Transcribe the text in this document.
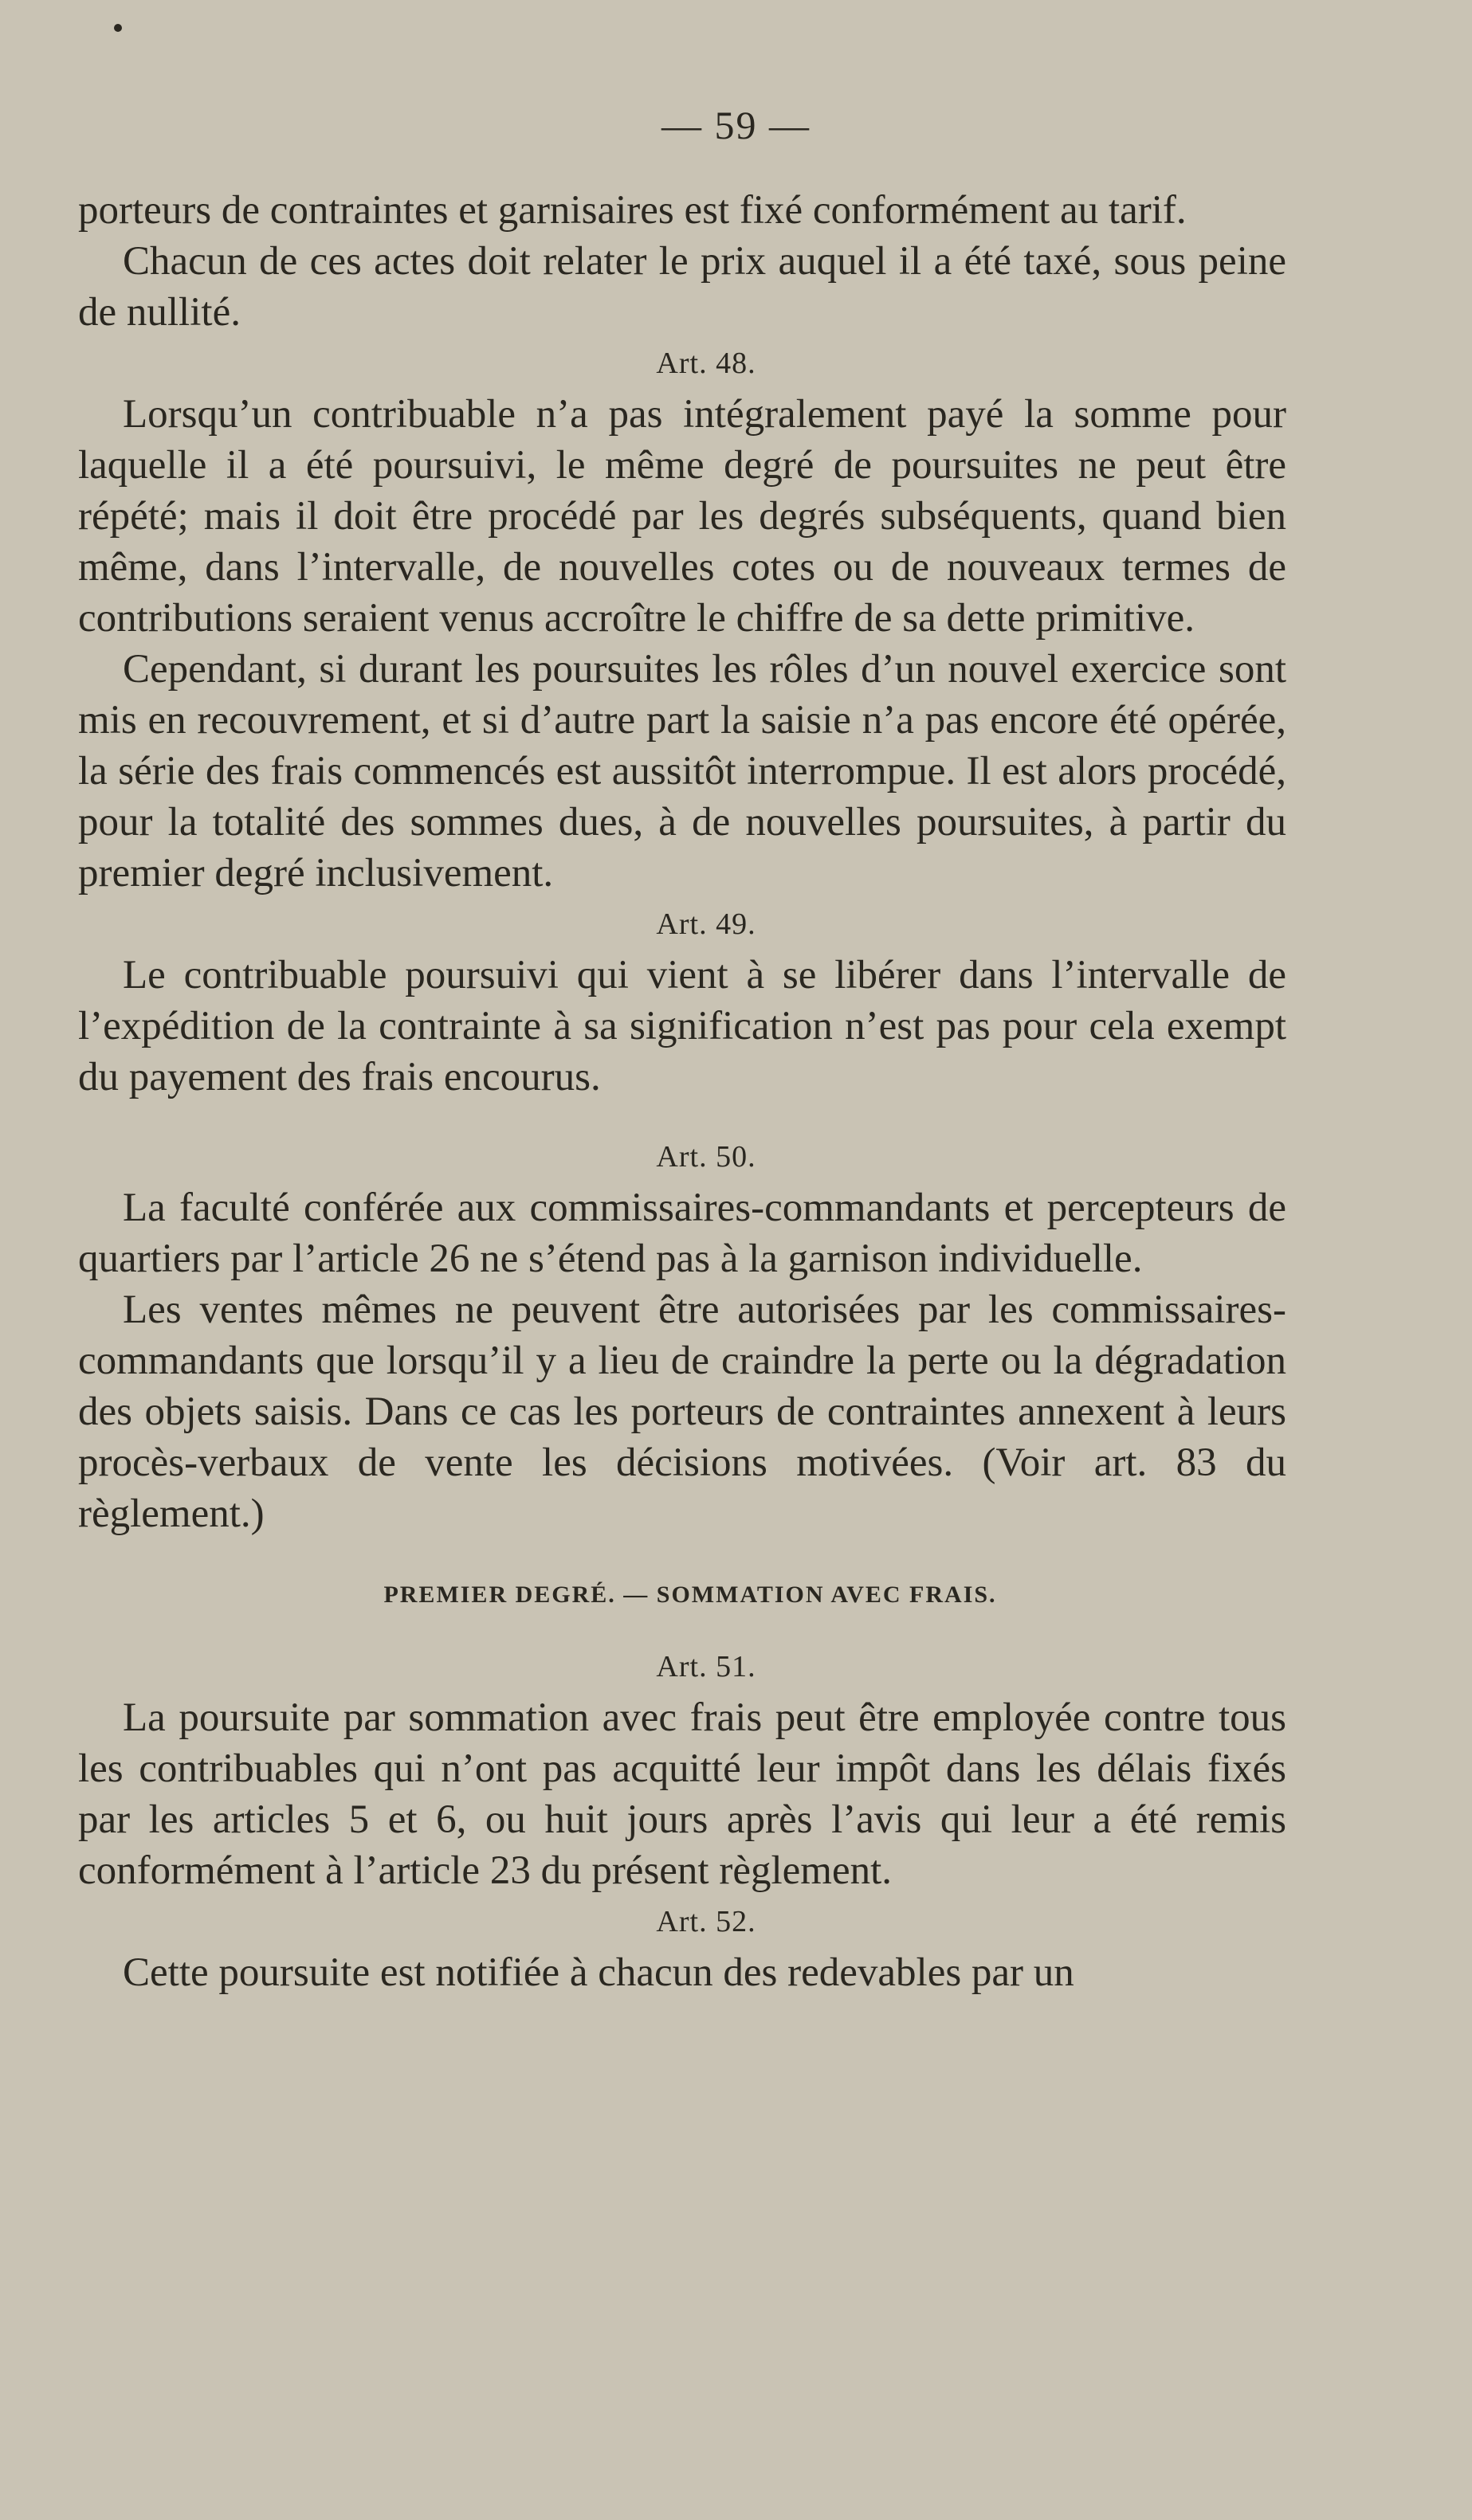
— 59 —

porteurs de contraintes et garnisaires est fixé conformément au tarif.

Chacun de ces actes doit relater le prix auquel il a été taxé, sous peine de nullité.

Art. 48.

Lorsqu’un contribuable n’a pas intégralement payé la somme pour laquelle il a été poursuivi, le même degré de poursuites ne peut être répété; mais il doit être procédé par les degrés subséquents, quand bien même, dans l’intervalle, de nouvelles cotes ou de nouveaux termes de contributions seraient venus accroître le chiffre de sa dette primitive.

Cependant, si durant les poursuites les rôles d’un nouvel exercice sont mis en recouvrement, et si d’autre part la saisie n’a pas encore été opérée, la série des frais commencés est aussitôt interrompue. Il est alors procédé, pour la totalité des sommes dues, à de nouvelles poursuites, à partir du premier degré inclusivement.

Art. 49.

Le contribuable poursuivi qui vient à se libérer dans l’intervalle de l’expédition de la contrainte à sa signification n’est pas pour cela exempt du payement des frais encourus.

Art. 50.

La faculté conférée aux commissaires-commandants et percepteurs de quartiers par l’article 26 ne s’étend pas à la garnison individuelle.

Les ventes mêmes ne peuvent être autorisées par les commissaires-commandants que lorsqu’il y a lieu de craindre la perte ou la dégradation des objets saisis. Dans ce cas les porteurs de contraintes annexent à leurs procès-verbaux de vente les décisions motivées. (Voir art. 83 du règlement.)

PREMIER DEGRÉ. — SOMMATION AVEC FRAIS.
Art. 51.

La poursuite par sommation avec frais peut être employée contre tous les contribuables qui n’ont pas acquitté leur impôt dans les délais fixés par les articles 5 et 6, ou huit jours après l’avis qui leur a été remis conformément à l’article 23 du présent règlement.

Art. 52.

Cette poursuite est notifiée à chacun des redevables par un
